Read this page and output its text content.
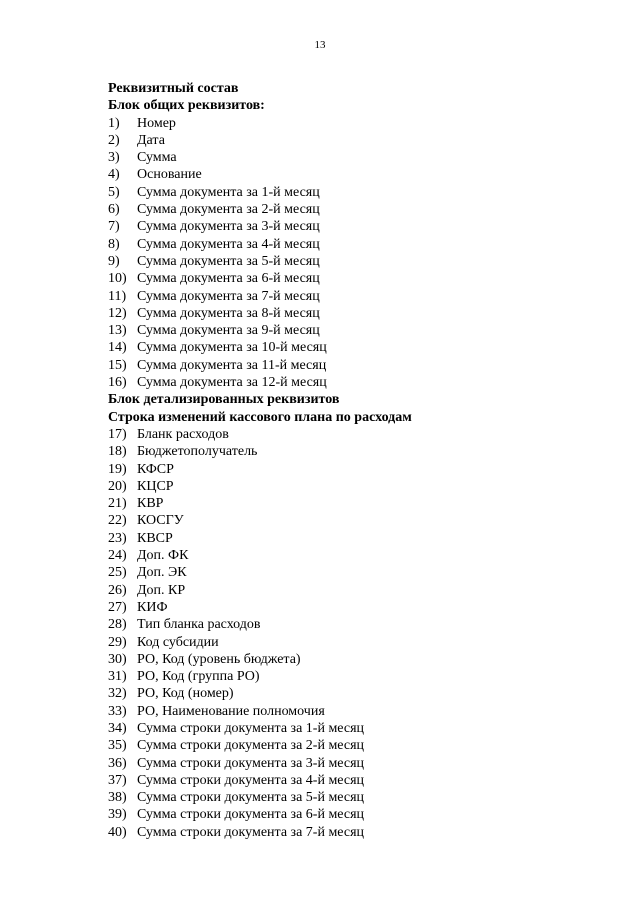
13
Реквизитный состав
Блок общих реквизитов:
1) Номер
2) Дата
3) Сумма
4) Основание
5) Сумма документа за 1-й месяц
6) Сумма документа за 2-й месяц
7) Сумма документа за 3-й месяц
8) Сумма документа за 4-й месяц
9) Сумма документа за 5-й месяц
10) Сумма документа за 6-й месяц
11) Сумма документа за 7-й месяц
12) Сумма документа за 8-й месяц
13) Сумма документа за 9-й месяц
14) Сумма документа за 10-й месяц
15) Сумма документа за 11-й месяц
16) Сумма документа за 12-й месяц
Блок детализированных реквизитов
Строка изменений кассового плана по расходам
17) Бланк расходов
18) Бюджетополучатель
19) КФСР
20) КЦСР
21) КВР
22) КОСГУ
23) КВСР
24) Доп. ФК
25) Доп. ЭК
26) Доп. КР
27) КИФ
28) Тип бланка расходов
29) Код субсидии
30) РО, Код (уровень бюджета)
31) РО, Код (группа РО)
32) РО, Код (номер)
33) РО, Наименование полномочия
34) Сумма строки документа за 1-й месяц
35) Сумма строки документа за 2-й месяц
36) Сумма строки документа за 3-й месяц
37) Сумма строки документа за 4-й месяц
38) Сумма строки документа за 5-й месяц
39) Сумма строки документа за 6-й месяц
40) Сумма строки документа за 7-й месяц
